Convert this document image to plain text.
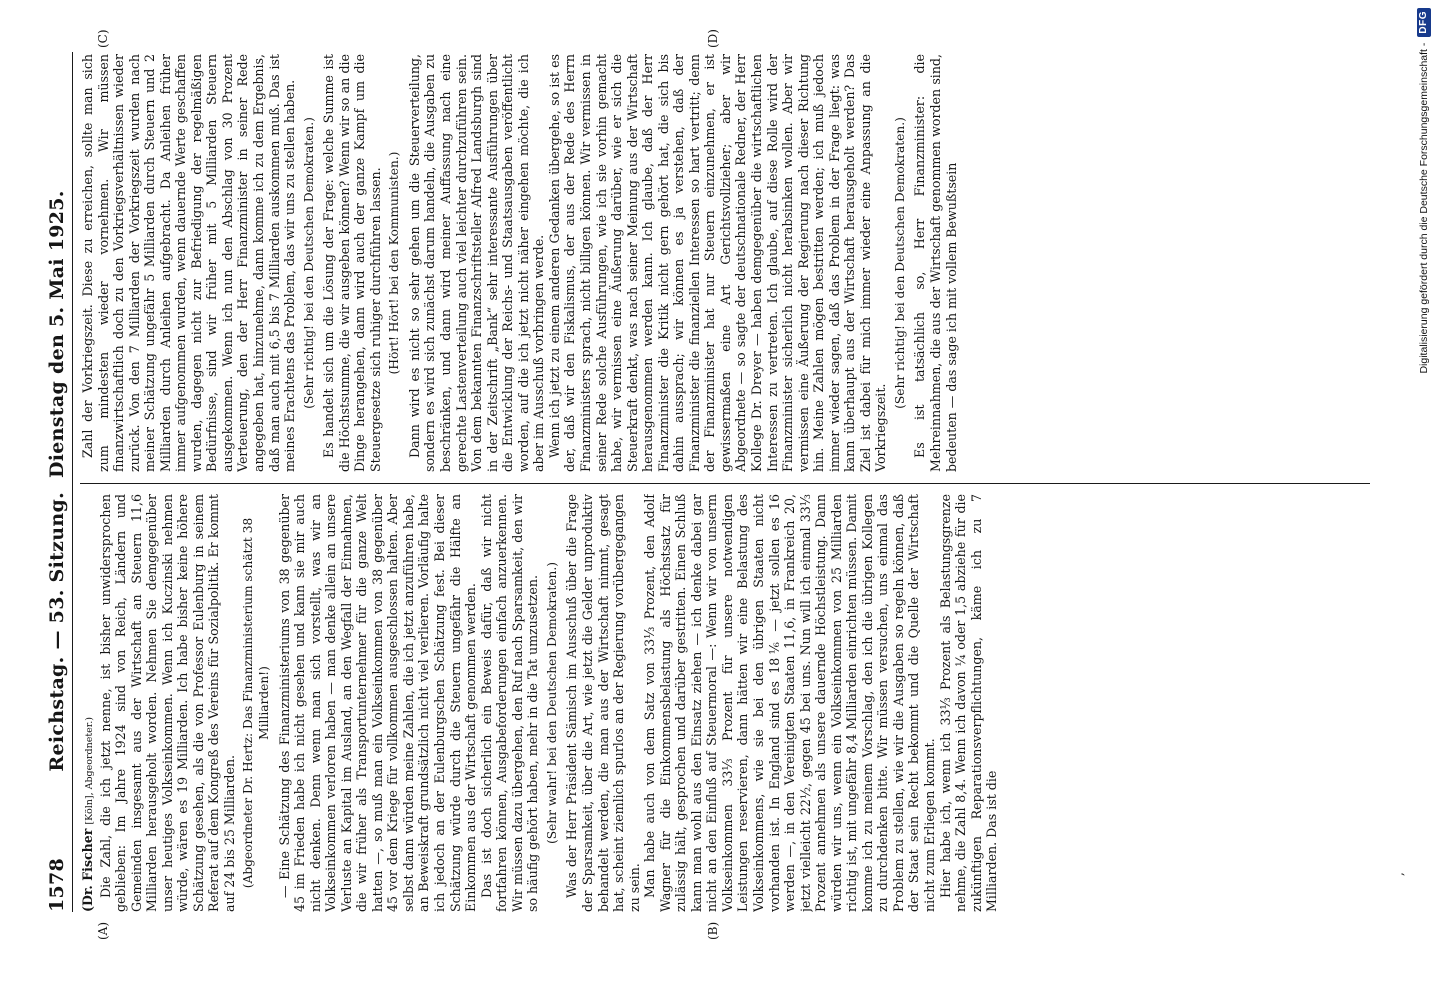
(A)	(B)
(C)	(D)
1578
Reichstag. — 53. Sitzung.
Dienstag den 5. Mai 1925.

(Dr. Fischer [Köln], Abgeordneter.) Die Zahl, die ich jetzt nenne, ist bisher unwidersprochen geblieben: Im Jahre 1924 sind von Reich, Ländern und Gemeinden insgesamt aus der Wirtschaft an Steuern 11,6 Milliarden herausgeholt worden. Nehmen Sie demgegenüber unser heutiges Volkseinkommen. Wenn ich Kuczinski nehmen würde, wären es 19 Milliarden. Ich habe bisher keine höhere Schätzung gesehen, als die von Professor Eulenburg in seinem Referat auf dem Kongreß des Vereins für Sozialpolitik. Er kommt auf 24 bis 25 Milliarden. (Abgeordneter Dr. Hertz: Das Finanzministerium schätzt 38 Milliarden!) — Eine Schätzung des Finanzministeriums von 38 gegenüber 45 im Frieden habe ich nicht gesehen und kann sie mir auch nicht denken. Denn wenn man sich vorstellt, was wir an Volkseinkommen verloren haben — man denke allein an unsere Verluste an Kapital im Ausland, an den Wegfall der Einnahmen, die wir früher als Transportunternehmer für die ganze Welt hatten —, so muß man ein Volkseinkommen von 38 gegenüber 45 vor dem Kriege für vollkommen ausgeschlossen halten. Aber selbst dann würden meine Zahlen, die ich jetzt anzuführen habe, an Beweiskraft grundsätzlich nicht viel verlieren. Vorläufig halte ich jedoch an der Eulenburgschen Schätzung fest. Bei dieser Schätzung würde durch die Steuern ungefähr die Hälfte an Einkommen aus der Wirtschaft genommen werden. Das ist doch sicherlich ein Beweis dafür, daß wir nicht fortfahren können, Ausgabeforderungen einfach anzuerkennen. Wir müssen dazu übergehen, den Ruf nach Sparsamkeit, den wir so häufig gehört haben, mehr in die Tat umzusetzen. (Sehr wahr! bei den Deutschen Demokraten.) Was der Herr Präsident Sämisch im Ausschuß über die Frage der Sparsamkeit, über die Art, wie jetzt die Gelder unproduktiv behandelt werden, die man aus der Wirtschaft nimmt, gesagt hat, scheint ziemlich spurlos an der Regierung vorübergegangen zu sein. Man habe auch von dem Satz von 33⅓ Prozent, den Adolf Wagner für die Einkommensbelastung als Höchstsatz für zulässig hält, gesprochen und darüber gestritten. Einen Schluß kann man wohl aus den Einsatz ziehen — ich denke dabei gar nicht an den Einfluß auf Steuermoral —: Wenn wir von unserm Volkseinkommen 33⅓ Prozent für unsere notwendigen Leistungen reservieren, dann hätten wir eine Belastung des Volkseinkommens, wie sie bei den übrigen Staaten nicht vorhanden ist. In England sind es 18⅙ — jetzt sollen es 16 werden —, in den Vereinigten Staaten 11,6, in Frankreich 20, jetzt vielleicht 22½, gegen 45 bei uns. Nun will ich einmal 33⅓ Prozent annehmen als unsere dauernde Höchstleistung. Dann würden wir uns, wenn ein Volkseinkommen von 25 Milliarden richtig ist, mit ungefähr 8,4 Milliarden einrichten müssen. Damit komme ich zu meinem Vorschlag, den ich die übrigen Kollegen zu durchdenken bitte. Wir müssen versuchen, uns einmal das Problem zu stellen, wie wir die Ausgaben so regeln können, daß der Staat sein Recht bekommt und die Quelle der Wirtschaft nicht zum Erliegen kommt. Hier habe ich, wenn ich 33⅓ Prozent als Belastungsgrenze nehme, die Zahl 8,4. Wenn ich davon ¼ oder 1,5 abziehe für die zukünftigen Reparationsverpflichtungen, käme ich zu 7 Milliarden. Das ist die

Zahl der Vorkriegszeit. Diese zu erreichen, sollte man sich zum mindesten wieder vornehmen. Wir müssen finanzwirtschaftlich doch zu den Vorkriegsverhältnissen wieder zurück. Von den 7 Milliarden der Vorkriegszeit wurden nach meiner Schätzung ungefähr 5 Milliarden durch Steuern und 2 Milliarden durch Anleihen aufgebracht. Da Anleihen früher immer aufgenommen wurden, wenn dauernde Werte geschaffen wurden, dagegen nicht zur Befriedigung der regelmäßigen Bedürfnisse, sind wir früher mit 5 Milliarden Steuern ausgekommen. Wenn ich nun den Abschlag von 30 Prozent Verteuerung, den der Herr Finanzminister in seiner Rede angegeben hat, hinzunehme, dann komme ich zu dem Ergebnis, daß man auch mit 6,5 bis 7 Milliarden auskommen muß. Das ist meines Erachtens das Problem, das wir uns zu stellen haben. (Sehr richtig! bei den Deutschen Demokraten.) Es handelt sich um die Lösung der Frage: welche Summe ist die Höchstsumme, die wir ausgeben können? Wenn wir so an die Dinge herangehen, dann wird auch der ganze Kampf um die Steuergesetze sich ruhiger durchführen lassen. (Hört! Hört! bei den Kommunisten.) Dann wird es nicht so sehr gehen um die Steuerverteilung, sondern es wird sich zunächst darum handeln, die Ausgaben zu beschränken, und dann wird meiner Auffassung nach eine gerechte Lastenverteilung auch viel leichter durchzuführen sein. Von dem bekannten Finanzschriftsteller Alfred Landsburgh sind in der Zeitschrift „Bank“ sehr interessante Ausführungen über die Entwicklung der Reichs- und Staatsausgaben veröffentlicht worden, auf die ich jetzt nicht näher eingehen möchte, die ich aber im Ausschuß vorbringen werde. Wenn ich jetzt zu einem anderen Gedanken übergehe, so ist es der, daß wir den Fiskalismus, der aus der Rede des Herrn Finanzministers sprach, nicht billigen können. Wir vermissen in seiner Rede solche Ausführungen, wie ich sie vorhin gemacht habe, wir vermissen eine Äußerung darüber, wie er sich die Steuerkraft denkt, was nach seiner Meinung aus der Wirtschaft herausgenommen werden kann. Ich glaube, daß der Herr Finanzminister die Kritik nicht gern gehört hat, die sich bis dahin aussprach; wir können es ja verstehen, daß der Finanzminister die finanziellen Interessen so hart vertritt; denn der Finanzminister hat nur Steuern einzunehmen, er ist gewissermaßen eine Art Gerichtsvollzieher; aber wir Abgeordnete — so sagte der deutschnationale Redner, der Herr Kollege Dr. Dreyer — haben demgegenüber die wirtschaftlichen Interessen zu vertreten. Ich glaube, auf diese Rolle wird der Finanzminister sicherlich nicht herabsinken wollen. Aber wir vermissen eine Äußerung der Regierung nach dieser Richtung hin. Meine Zahlen mögen bestritten werden; ich muß jedoch immer wieder sagen, daß das Problem in der Frage liegt: was kann überhaupt aus der Wirtschaft herausgeholt werden? Das Ziel ist dabei für mich immer wieder eine Anpassung an die Vorkriegszeit.

(Sehr richtig! bei den Deutschen Demokraten.) Es ist tatsächlich so, Herr Finanzminister: die Mehreinnahmen, die aus der Wirtschaft genommen worden sind, bedeuten — das sage ich mit vollem Bewußtsein

,
Digitalisierung gefördert durch die Deutsche Forschungsgemeinschaft -
DFG
